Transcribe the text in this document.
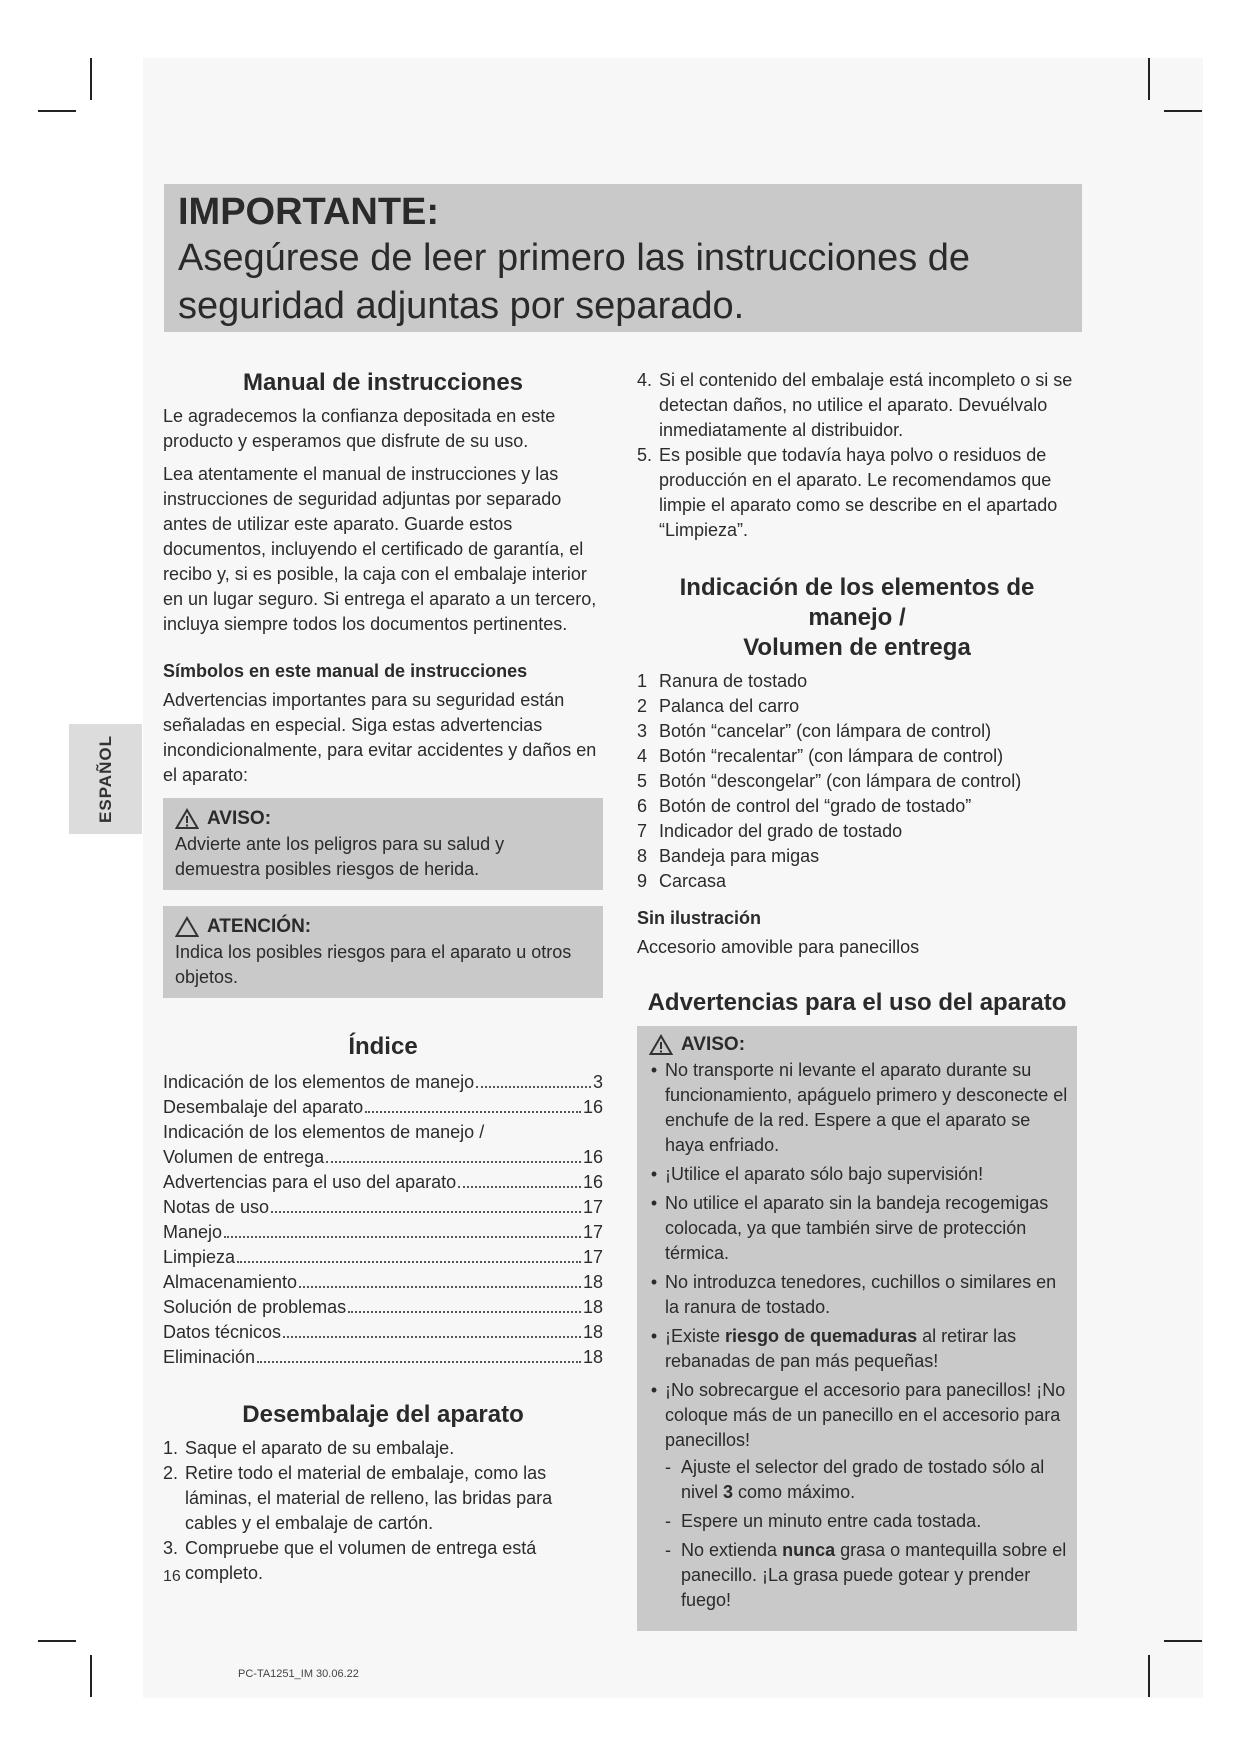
IMPORTANTE:
Asegúrese de leer primero las instrucciones de seguridad adjuntas por separado.
ESPAÑOL
Manual de instrucciones

Le agradecemos la confianza depositada en este producto y esperamos que disfrute de su uso.

Lea atentamente el manual de instrucciones y las instrucciones de seguridad adjuntas por separado antes de utilizar este aparato. Guarde estos documentos, incluyendo el certificado de garantía, el recibo y, si es posible, la caja con el embalaje interior en un lugar seguro. Si entrega el aparato a un tercero, incluya siempre todos los documentos pertinentes.

Símbolos en este manual de instrucciones

Advertencias importantes para su seguridad están señaladas en especial. Siga estas advertencias incondicionalmente, para evitar accidentes y daños en el aparato:

AVISO:

Advierte ante los peligros para su salud y demuestra posibles riesgos de herida.

ATENCIÓN:

Indica los posibles riesgos para el aparato u otros objetos.

Índice
Indicación de los elementos de manejo	3
Desembalaje del aparato	16
Indicación de los elementos de manejo /
Volumen de entrega	16
Advertencias para el uso del aparato	16
Notas de uso	17
Manejo	17
Limpieza	17
Almacenamiento	18
Solución de problemas	18
Datos técnicos	18
Eliminación	18
Desembalaje del aparato
1. Saque el aparato de su embalaje.
2. Retire todo el material de embalaje, como las láminas, el material de relleno, las bridas para cables y el embalaje de cartón.
3. Compruebe que el volumen de entrega está completo.
4. Si el contenido del embalaje está incompleto o si se detectan daños, no utilice el aparato. Devuélvalo inmediatamente al distribuidor.
5. Es posible que todavía haya polvo o residuos de producción en el aparato. Le recomendamos que limpie el aparato como se describe en el apartado “Limpieza”.
Indicación de los elementos de manejo /
Volumen de entrega
1 Ranura de tostado
2 Palanca del carro
3 Botón “cancelar” (con lámpara de control)
4 Botón “recalentar” (con lámpara de control)
5 Botón “descongelar” (con lámpara de control)
6 Botón de control del “grado de tostado”
7 Indicador del grado de tostado
8 Bandeja para migas
9 Carcasa
Sin ilustración

Accesorio amovible para panecillos

Advertencias para el uso del aparato
AVISO:
• No transporte ni levante el aparato durante su funcionamiento, apáguelo primero y desconecte el enchufe de la red. Espere a que el aparato se haya enfriado.
• ¡Utilice el aparato sólo bajo supervisión!
• No utilice el aparato sin la bandeja recogemigas colocada, ya que también sirve de protección térmica.
• No introduzca tenedores, cuchillos o similares en la ranura de tostado.
• ¡Existe riesgo de quemaduras al retirar las rebanadas de pan más pequeñas!
• ¡No sobrecargue el accesorio para panecillos! ¡No coloque más de un panecillo en el accesorio para panecillos!
- Ajuste el selector del grado de tostado sólo al nivel 3 como máximo.
- Espere un minuto entre cada tostada.
- No extienda nunca grasa o mantequilla sobre el panecillo. ¡La grasa puede gotear y prender fuego!
16
PC-TA1251_IM 30.06.22
